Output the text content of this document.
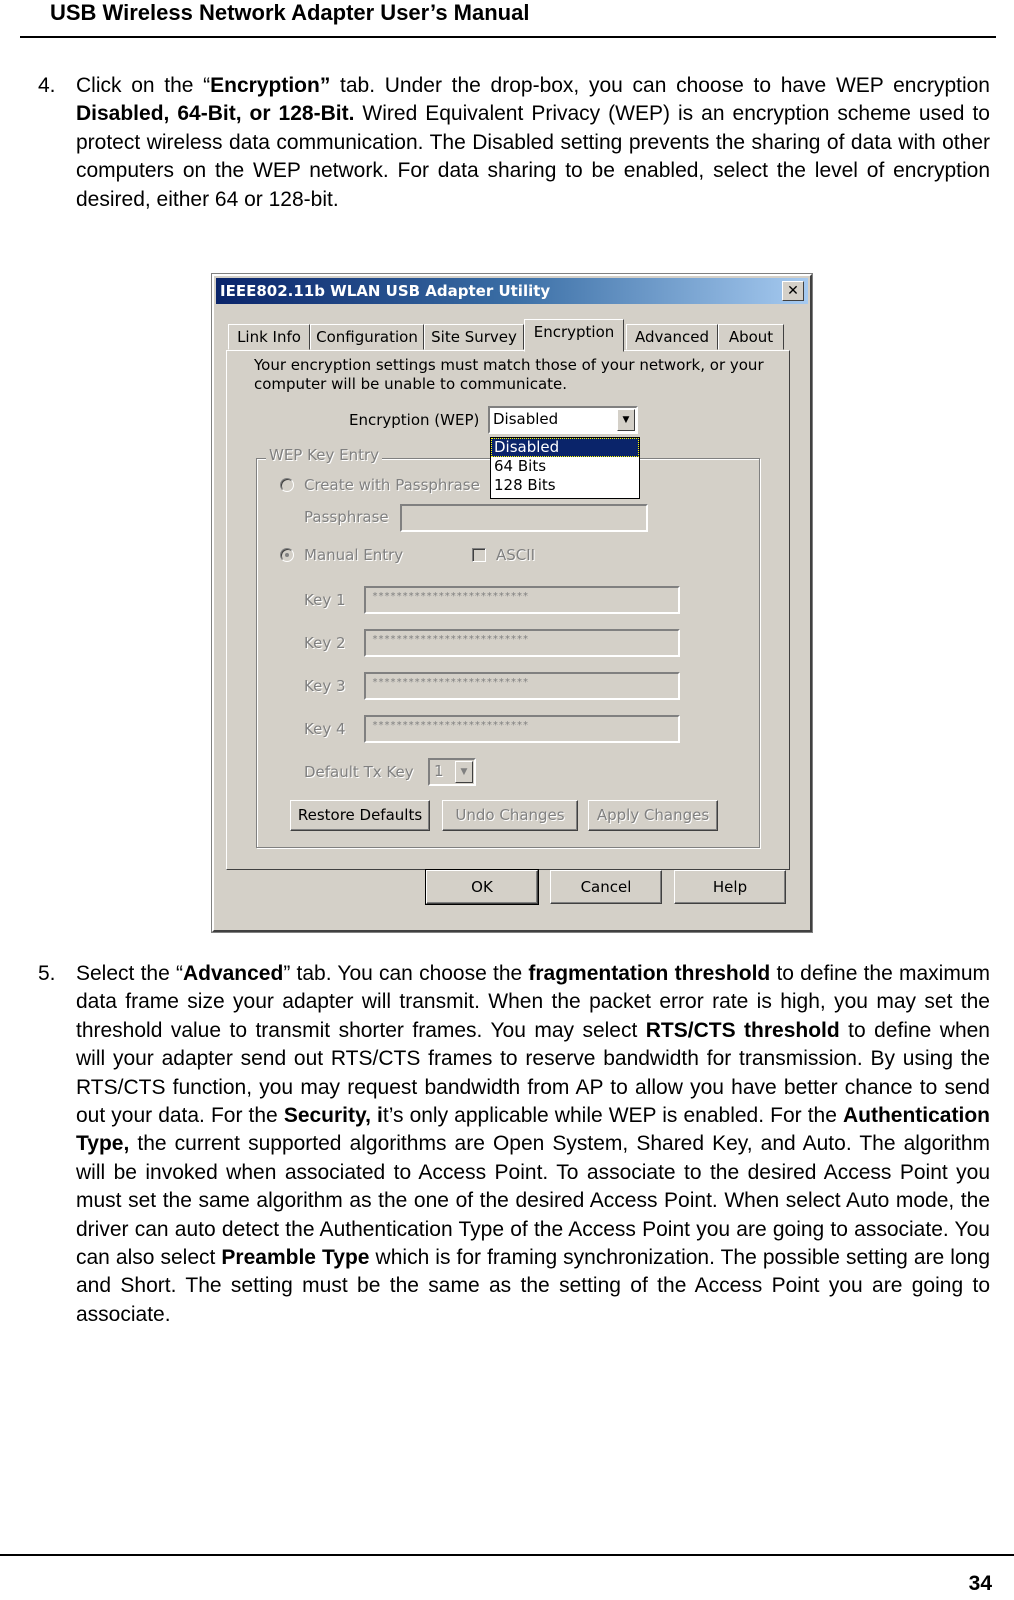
USB Wireless Network Adapter User’s Manual
4. Click on the “Encryption” tab. Under the drop-box, you can choose to have WEP encryption Disabled, 64-Bit, or 128-Bit. Wired Equivalent Privacy (WEP) is an encryption scheme used to protect wireless data communication. The Disabled setting prevents the sharing of data with other computers on the WEP network. For data sharing to be enabled, select the level of encryption desired, either 64 or 128-bit.
IEEE802.11b WLAN USB Adapter Utility	✕
Link Info	Configuration Site Survey	Encryption	Advanced	About
Your encryption settings must match those of your network, or your
computer will be unable to communicate.
Encryption (WEP) Disabled	▼
WEP Key Entry	Disabled
64 Bits
128 Bits
Create with Passphrase
Passphrase
Manual Entry	ASCII
Key 1	**************************
Key 2	**************************
Key 3	**************************
Key 4	**************************
Default Tx Key 1	▼
Restore Defaults	Undo Changes	Apply Changes
OK	Cancel	Help
5. Select the “Advanced” tab. You can choose the fragmentation threshold to define the maximum data frame size your adapter will transmit. When the packet error rate is high, you may set the threshold value to transmit shorter frames. You may select RTS/CTS threshold to define when will your adapter send out RTS/CTS frames to reserve bandwidth for transmission. By using the RTS/CTS function, you may request bandwidth from AP to allow you have better chance to send out your data. For the Security, it’s only applicable while WEP is enabled. For the Authentication Type, the current supported algorithms are Open System, Shared Key, and Auto. The algorithm will be invoked when associated to Access Point. To associate to the desired Access Point you must set the same algorithm as the one of the desired Access Point. When select Auto mode, the driver can auto detect the Authentication Type of the Access Point you are going to associate. You can also select Preamble Type which is for framing synchronization. The possible setting are long and Short. The setting must be the same as the setting of the Access Point you are going to associate.
34
